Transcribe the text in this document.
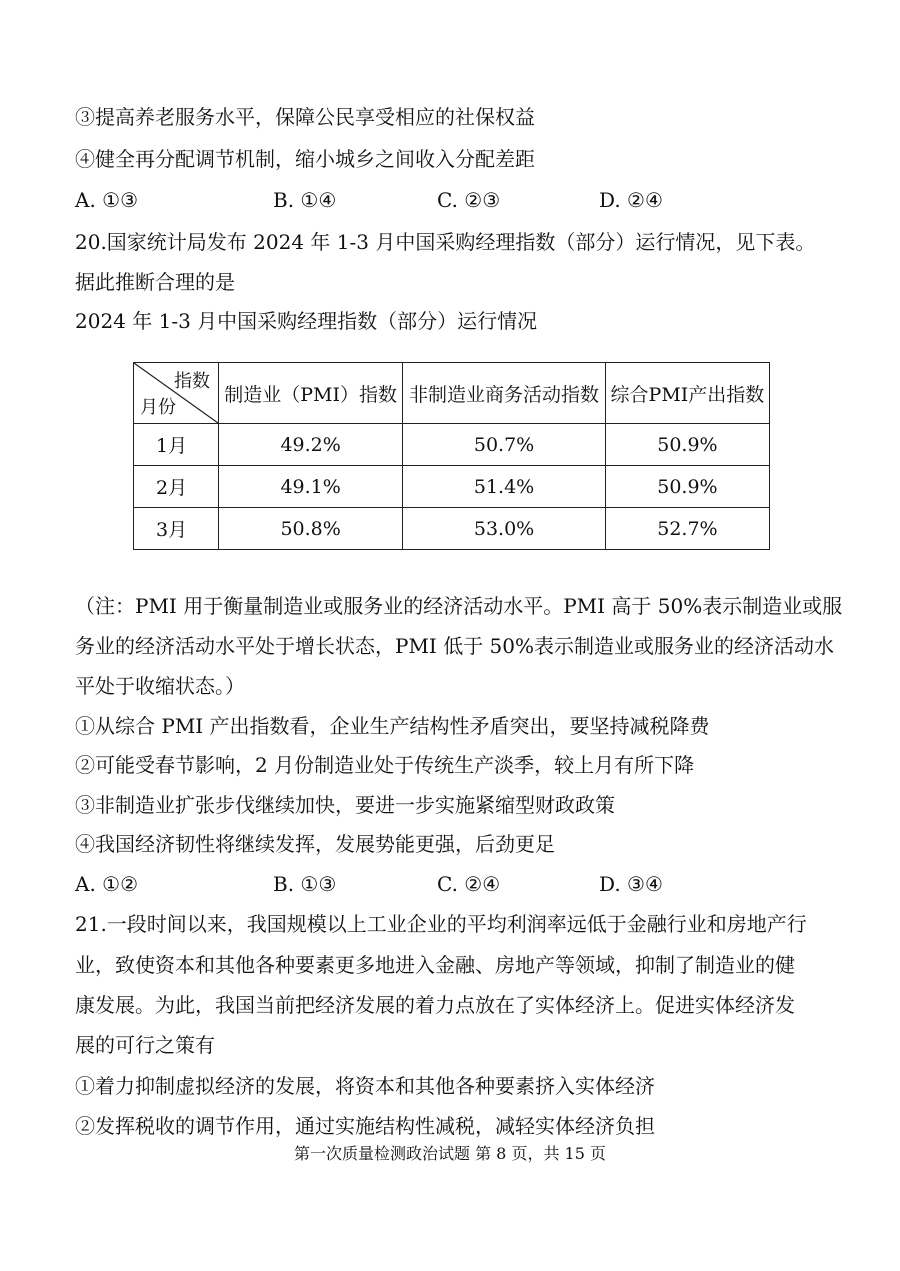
③提高养老服务水平，保障公民享受相应的社保权益
④健全再分配调节机制，缩小城乡之间收入分配差距
A. ①③	B. ①④	C. ②③	D. ②④
20.国家统计局发布 2024 年 1-3 月中国采购经理指数（部分）运行情况，见下表。
据此推断合理的是
2024 年 1-3 月中国采购经理指数（部分）运行情况
指数
月份	制造业（PMI）指数	非制造业商务活动指数	综合PMI产出指数
1月	49.2%	50.7%	50.9%
2月	49.1%	51.4%	50.9%
3月	50.8%	53.0%	52.7%
（注：PMI 用于衡量制造业或服务业的经济活动水平。PMI 高于 50%表示制造业或服
务业的经济活动水平处于增长状态，PMI 低于 50%表示制造业或服务业的经济活动水
平处于收缩状态。）
①从综合 PMI 产出指数看，企业生产结构性矛盾突出，要坚持减税降费
②可能受春节影响，2 月份制造业处于传统生产淡季，较上月有所下降
③非制造业扩张步伐继续加快，要进一步实施紧缩型财政政策
④我国经济韧性将继续发挥，发展势能更强，后劲更足
A. ①②	B. ①③	C. ②④	D. ③④
21.一段时间以来，我国规模以上工业企业的平均利润率远低于金融行业和房地产行
业，致使资本和其他各种要素更多地进入金融、房地产等领域，抑制了制造业的健
康发展。为此，我国当前把经济发展的着力点放在了实体经济上。促进实体经济发
展的可行之策有
①着力抑制虚拟经济的发展，将资本和其他各种要素挤入实体经济
②发挥税收的调节作用，通过实施结构性减税，减轻实体经济负担
第一次质量检测政治试题 第 8 页，共 15 页
